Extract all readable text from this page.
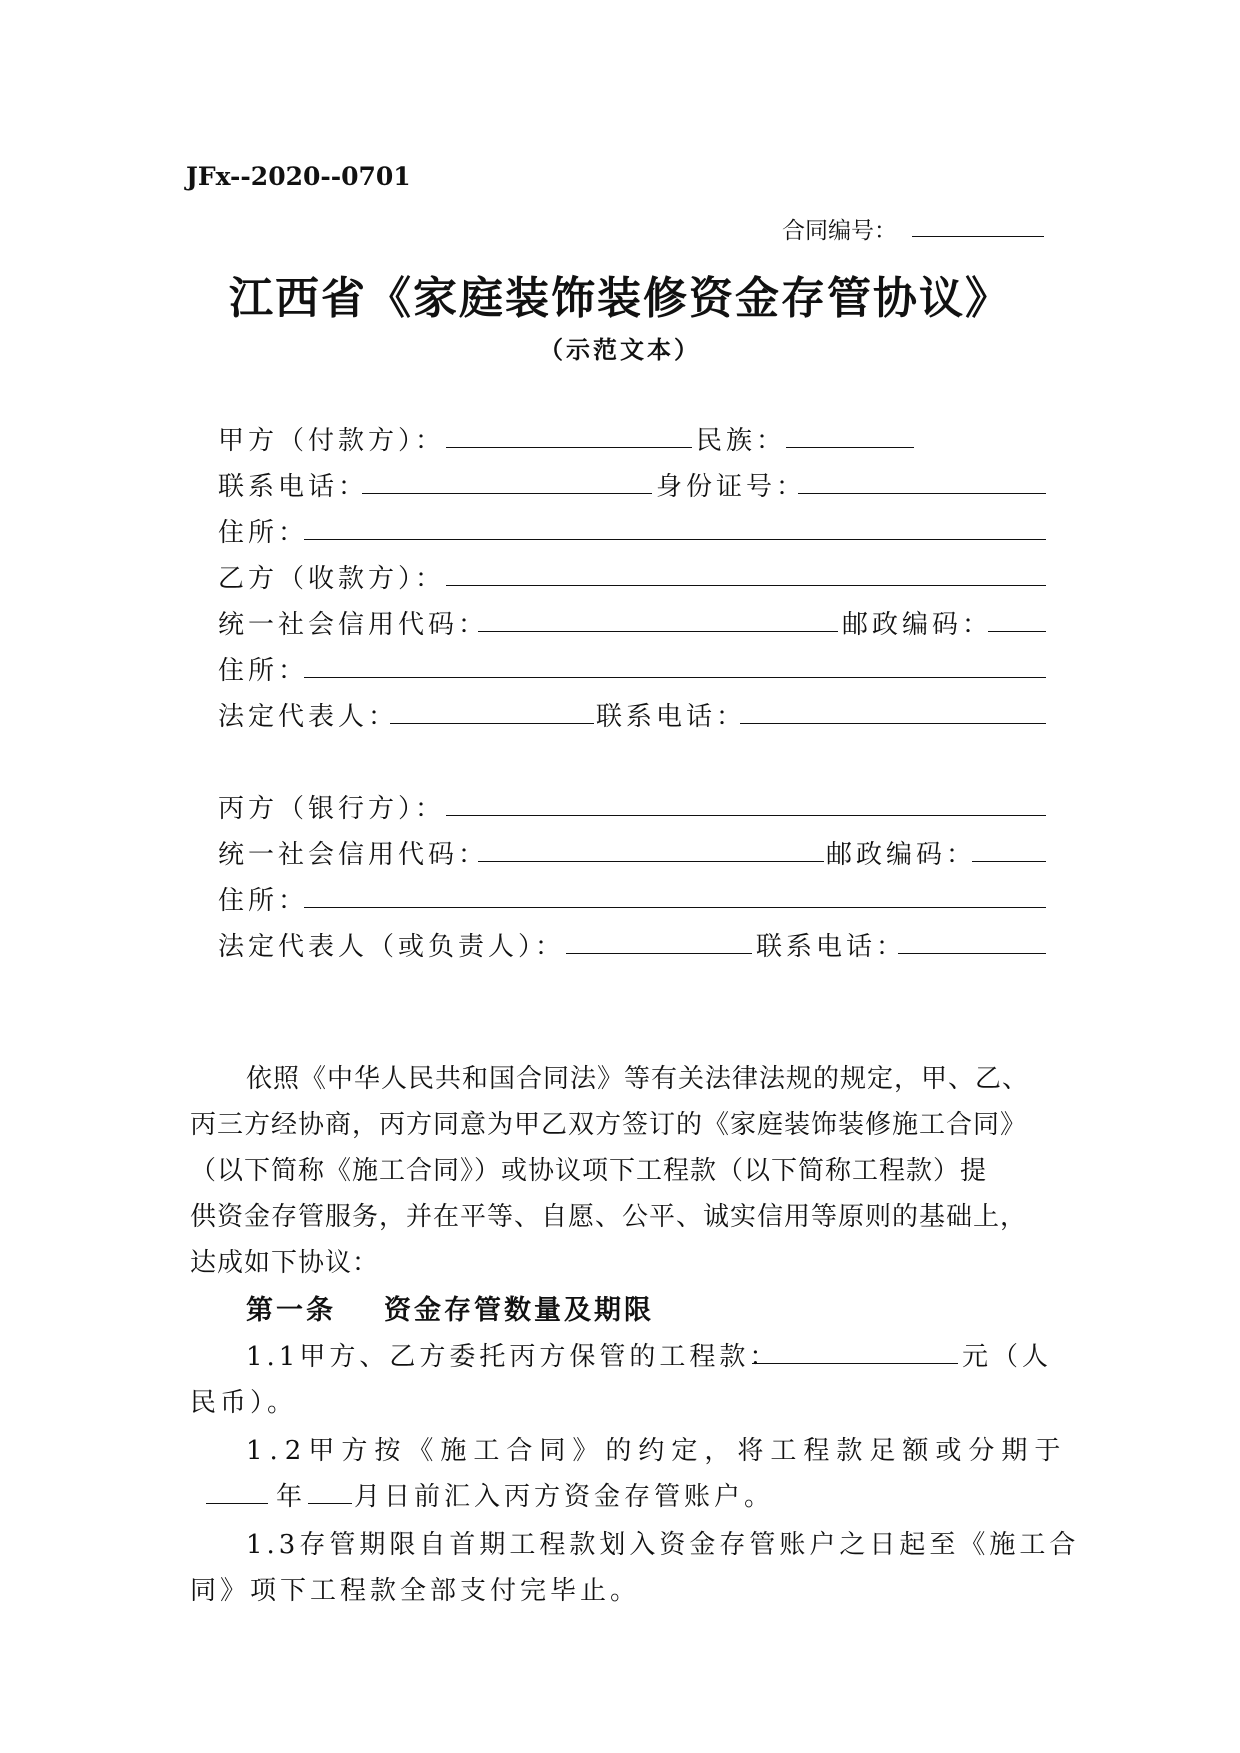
JFx--2020--0701
合同编号：
江西省《家庭装饰装修资金存管协议》
（示范文本）
甲方（付款方）：	民族：
联系电话：	身份证号：
住所：
乙方（收款方）：
统一社会信用代码：	邮政编码：
住所：
法定代表人：	联系电话：
丙方（银行方）：
统一社会信用代码：	邮政编码：
住所：
法定代表人（或负责人）：	联系电话：

依照《中华人民共和国合同法》等有关法律法规的规定，甲、乙、

丙三方经协商，丙方同意为甲乙双方签订的《家庭装饰装修施工合同》

（以下简称《施工合同》）或协议项下工程款（以下简称工程款）提

供资金存管服务，并在平等、自愿、公平、诚实信用等原则的基础上，

达成如下协议：

第一条 资金存管数量及期限
1.1甲方、乙方委托丙方保管的工程款：	元（人
民币）。
1.2甲方按《施工合同》的约定，将工程款足额或分期于
年 月 日前汇入丙方资金存管账户。
1.3存管期限自首期工程款划入资金存管账户之日起至《施工合
同》项下工程款全部支付完毕止。
